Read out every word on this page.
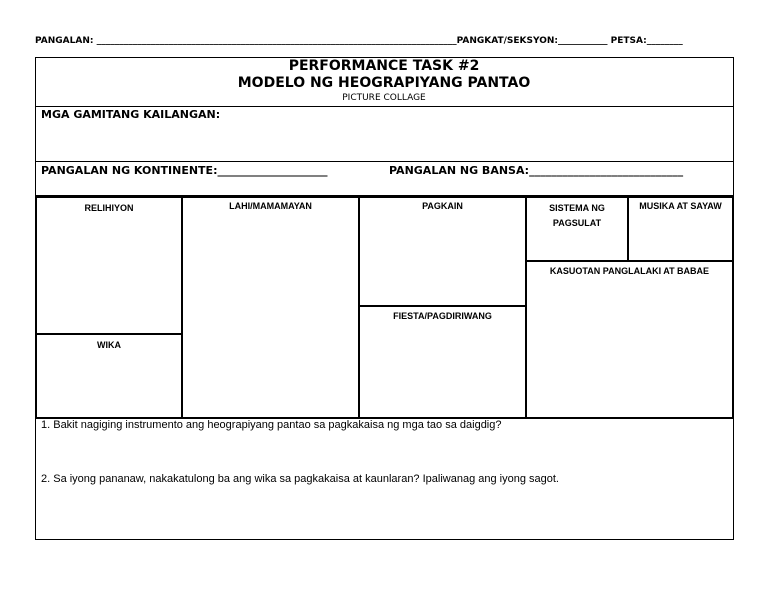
PANGALAN: ________________________________________________________________________________PANGKAT/SEKSYON:___________ PETSA:________
PERFORMANCE TASK #2
MODELO NG HEOGRAPIYANG PANTAO
PICTURE COLLAGE
MGA GAMITANG KAILANGAN:
PANGALAN NG KONTINENTE:____________________	PANGALAN NG BANSA:____________________________
RELIHIYON
WIKA
LAHI/MAMAMAYAN	PAGKAIN
FIESTA/PAGDIRIWANG
SISTEMA NG PAGSULAT
MUSIKA AT SAYAW
KASUOTAN PANGLALAKI AT BABAE
1. Bakit nagiging instrumento ang heograpiyang pantao sa pagkakaisa ng mga tao sa daigdig?
2. Sa iyong pananaw, nakakatulong ba ang wika sa pagkakaisa at kaunlaran? Ipaliwanag ang iyong sagot.
